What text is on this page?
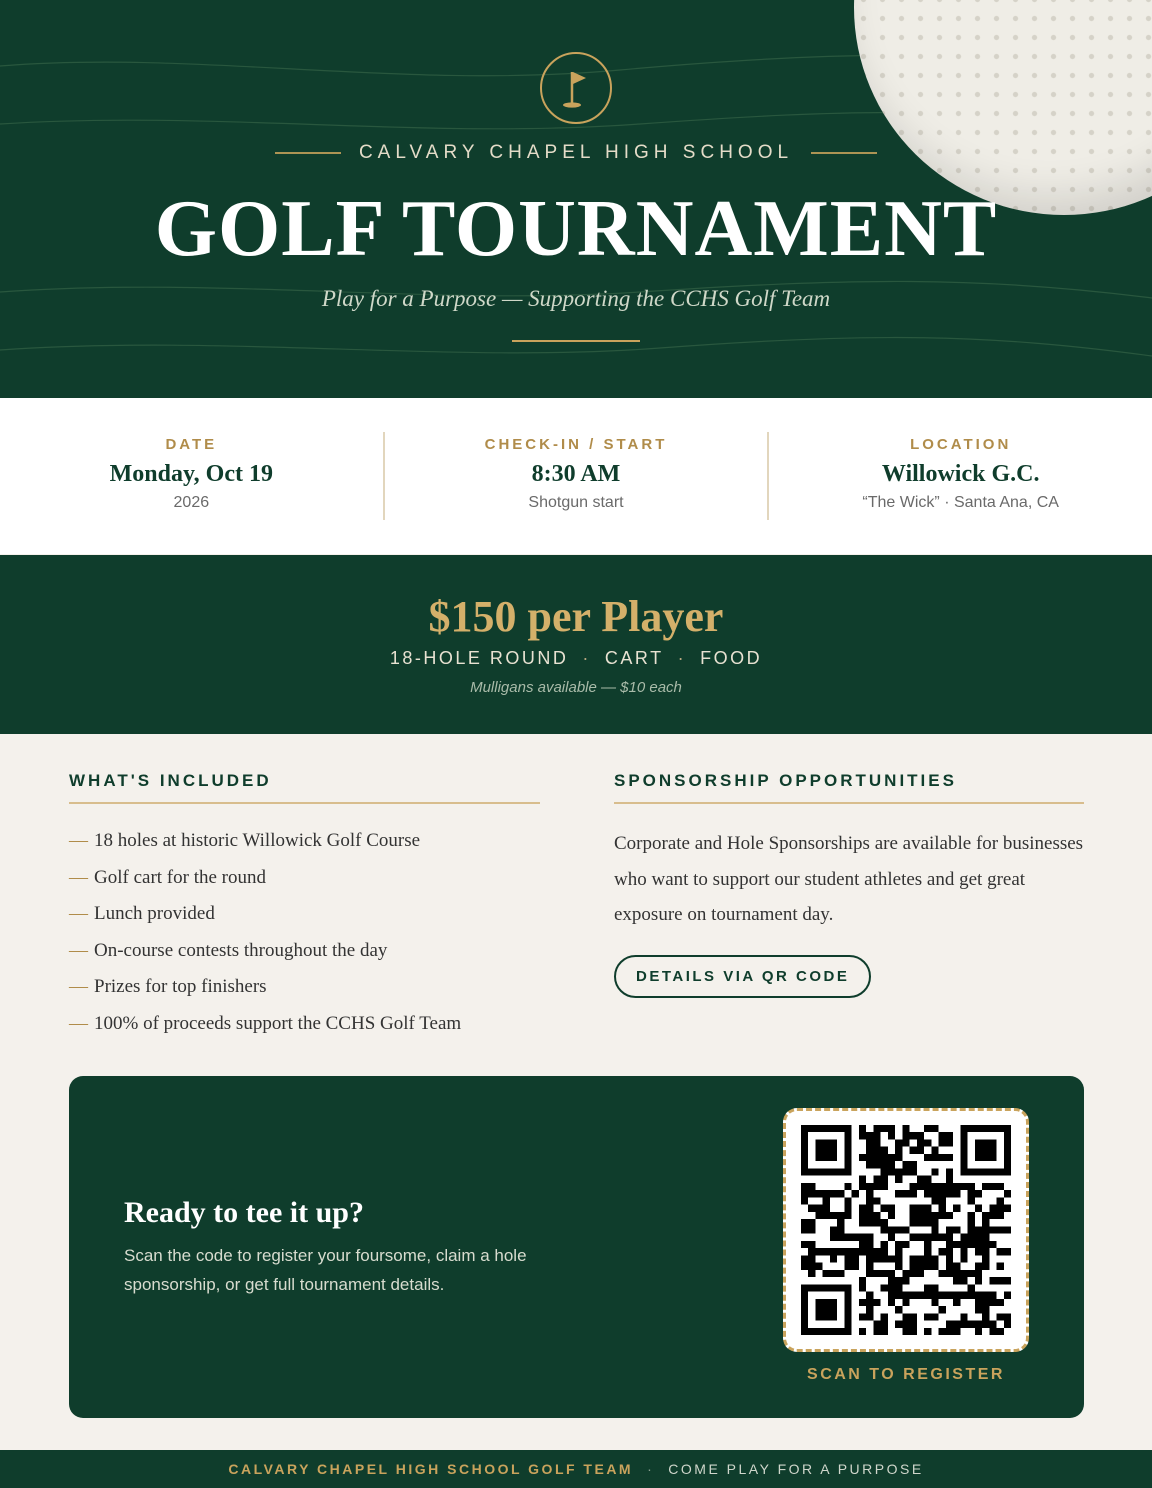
CALVARY CHAPEL HIGH SCHOOL
GOLF TOURNAMENT
Play for a Purpose — Supporting the CCHS Golf Team
DATE
Monday, Oct 19
2026
CHECK-IN / START
8:30 AM
Shotgun start
LOCATION
Willowick G.C.
“The Wick” · Santa Ana, CA
$150 per Player
18-HOLE ROUND · CART · FOOD
Mulligans available — $10 each
WHAT'S INCLUDED
— 18 holes at historic Willowick Golf Course
— Golf cart for the round
— Lunch provided
— On-course contests throughout the day
— Prizes for top finishers
— 100% of proceeds support the CCHS Golf Team
SPONSORSHIP OPPORTUNITIES

Corporate and Hole Sponsorships are available for businesses who want to support our student athletes and get great exposure on tournament day.

DETAILS VIA QR CODE
Ready to tee it up?

Scan the code to register your foursome, claim a hole sponsorship, or get full tournament details.

SCAN TO REGISTER
CALVARY CHAPEL HIGH SCHOOL GOLF TEAM · COME PLAY FOR A PURPOSE
